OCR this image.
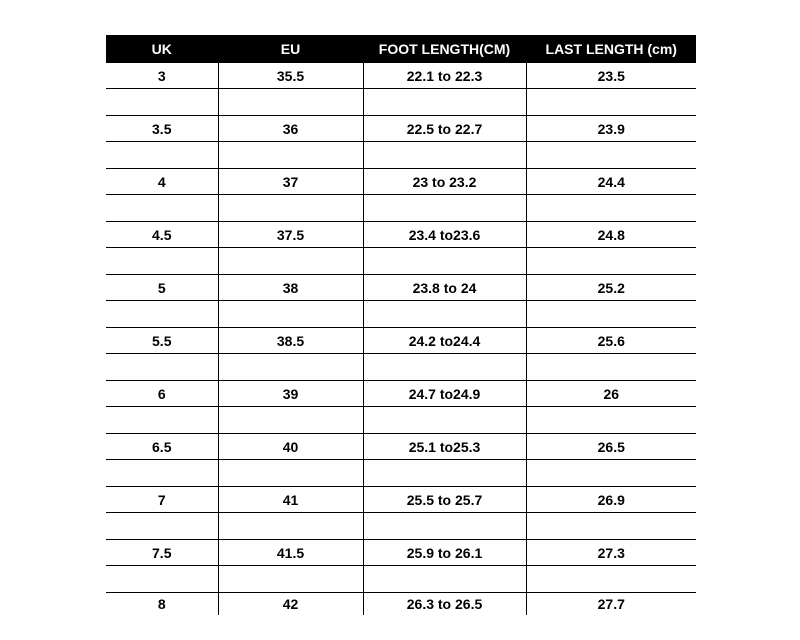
UK	EU	FOOT LENGTH(CM)	LAST LENGTH (cm)
3	35.5	22.1 to 22.3	23.5

3.5	36	22.5 to 22.7	23.9

4	37	23 to 23.2	24.4

4.5	37.5	23.4 to23.6	24.8

5	38	23.8 to 24	25.2

5.5	38.5	24.2 to24.4	25.6

6	39	24.7 to24.9	26

6.5	40	25.1 to25.3	26.5

7	41	25.5 to 25.7	26.9

7.5	41.5	25.9 to 26.1	27.3

8	42	26.3 to 26.5	27.7
